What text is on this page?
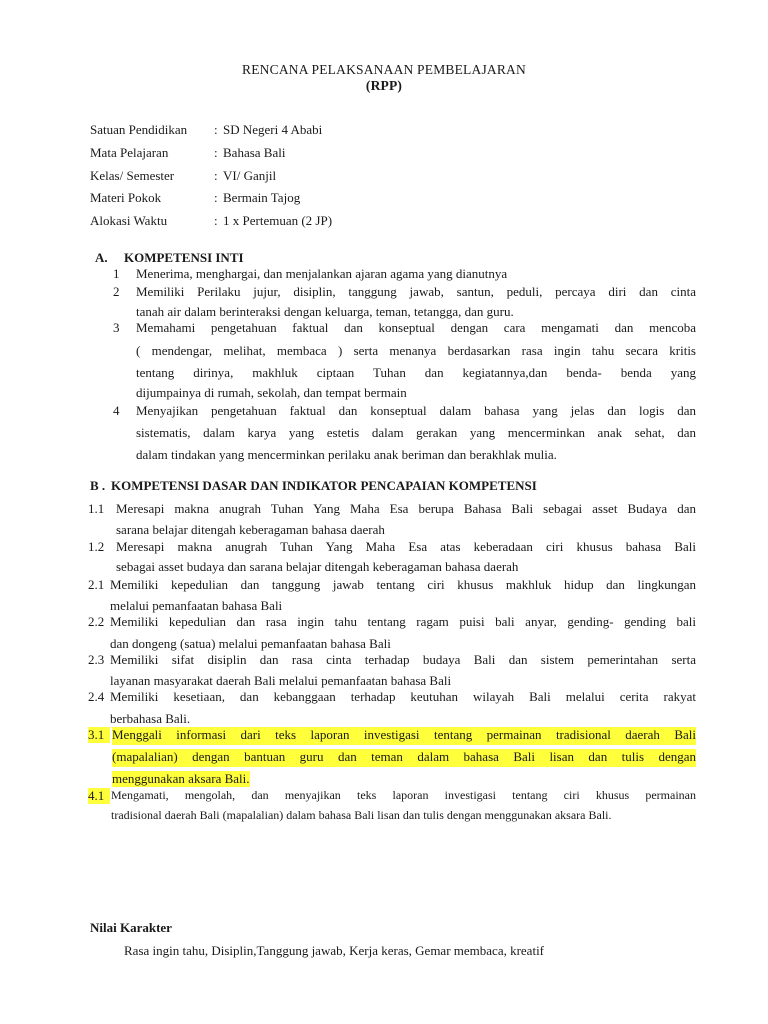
RENCANA PELAKSANAAN PEMBELAJARAN
(RPP)
Satuan Pendidikan : SD Negeri 4 Ababi
Mata Pelajaran	: Bahasa Bali
Kelas/ Semester	: VI/ Ganjil
Materi Pokok	: Bermain Tajog
Alokasi Waktu	: 1 x Pertemuan (2 JP)
A. KOMPETENSI INTI
1 Menerima, menghargai, dan menjalankan ajaran agama yang dianutnya
2 Memiliki Perilaku jujur, disiplin, tanggung jawab, santun, peduli, percaya diri dan cinta
tanah air dalam berinteraksi dengan keluarga, teman, tetangga, dan guru.
3 Memahami pengetahuan faktual dan konseptual dengan cara mengamati dan mencoba
( mendengar, melihat, membaca ) serta menanya berdasarkan rasa ingin tahu secara kritis
tentang dirinya, makhluk ciptaan Tuhan dan kegiatannya,dan benda- benda yang
dijumpainya di rumah, sekolah, dan tempat bermain
4 Menyajikan pengetahuan faktual dan konseptual dalam bahasa yang jelas dan logis dan
sistematis, dalam karya yang estetis dalam gerakan yang mencerminkan anak sehat, dan
dalam tindakan yang mencerminkan perilaku anak beriman dan berakhlak mulia.
B . KOMPETENSI DASAR DAN INDIKATOR PENCAPAIAN KOMPETENSI
1.1 Meresapi makna anugrah Tuhan Yang Maha Esa berupa Bahasa Bali sebagai asset Budaya dan
sarana belajar ditengah keberagaman bahasa daerah
1.2 Meresapi makna anugrah Tuhan Yang Maha Esa atas keberadaan ciri khusus bahasa Bali
sebagai asset budaya dan sarana belajar ditengah keberagaman bahasa daerah
2.1 Memiliki kepedulian dan tanggung jawab tentang ciri khusus makhluk hidup dan lingkungan
melalui pemanfaatan bahasa Bali
2.2 Memiliki kepedulian dan rasa ingin tahu tentang ragam puisi bali anyar, gending- gending bali
dan dongeng (satua) melalui pemanfaatan bahasa Bali
2.3 Memiliki sifat disiplin dan rasa cinta terhadap budaya Bali dan sistem pemerintahan serta
layanan masyarakat daerah Bali melalui pemanfaatan bahasa Bali
2.4 Memiliki kesetiaan, dan kebanggaan terhadap keutuhan wilayah Bali melalui cerita rakyat
berbahasa Bali.
3.1 Menggali informasi dari teks laporan investigasi tentang permainan tradisional daerah Bali
(mapalalian) dengan bantuan guru dan teman dalam bahasa Bali lisan dan tulis dengan
menggunakan aksara Bali.
4.1 Mengamati, mengolah, dan menyajikan teks laporan investigasi tentang ciri khusus permainan
tradisional daerah Bali (mapalalian) dalam bahasa Bali lisan dan tulis dengan menggunakan aksara Bali.
Nilai Karakter
Rasa ingin tahu, Disiplin,Tanggung jawab, Kerja keras, Gemar membaca, kreatif
